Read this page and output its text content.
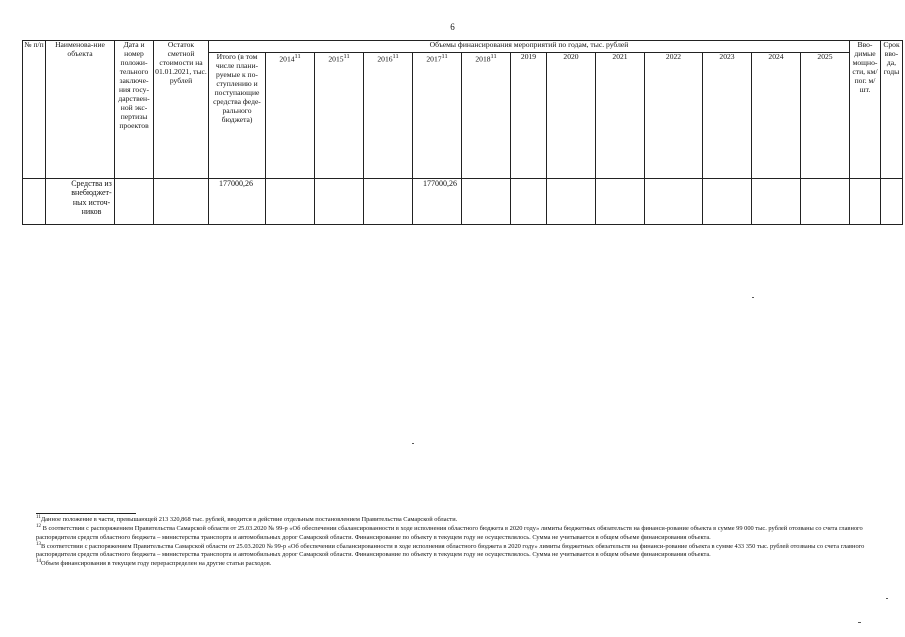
6
№ п/п	Наименова-ние объекта	Дата и номер положи-тельного заключе-ния госу-дарствен-ной экс-пертизы проектов	Остаток сметной стоимости на 01.01.2021, тыс. рублей	Объемы финансирования мероприятий по годам, тыс. рублей													Вво-димые мощно-сти, км/ пог. м/шт.	Срок вво-да, годы
				Итого (в том числе плани-руемые к по-ступлению и поступающие средства феде-рального бюджета)	2014$^{11}$	2015$^{11}$	2016$^{11}$	2017$^{11}$	2018$^{11}$	2019	2020	2021	2022	2023	2024	2025		
	Средства из внебюджет-ных источ-ников			177000,26				177000,26										

$^{11}$Данное положение в части, превышающей 213 320,868 тыс. рублей, вводится в действие отдельным постановлением Правительства Самарской области.

$^{12}$ В соответствии с распоряжением Правительства Самарской области от 25.03.2020 № 99-р «Об обеспечении сбалансированности в ходе исполнения областного бюджета в 2020 году» лимиты бюджетных обязательств на финанси-рование объекта в сумме 99 000 тыс. рублей отозваны со счета главного распорядителя средств областного бюджета – министерства транспорта и автомобильных дорог Самарской области. Финансирование по объекту в текущем году не осуществлялось. Сумма не учитывается в общем объеме финансирования объекта.

$^{13}$В соответствии с распоряжением Правительства Самарской области от 25.03.2020 № 99-р «Об обеспечении сбалансированности в ходе исполнения областного бюджета в 2020 году» лимиты бюджетных обязательств на финанси-рование объекта в сумме 433 350 тыс. рублей отозваны со счета главного распорядителя средств областного бюджета – министерства транспорта и автомобильных дорог Самарской области. Финансирование по объекту в текущем году не осуществлялось. Сумма не учитывается в общем объеме финансирования объекта.

$^{14}$Объем финансирования в текущем году перераспределен на другие статьи расходов.
